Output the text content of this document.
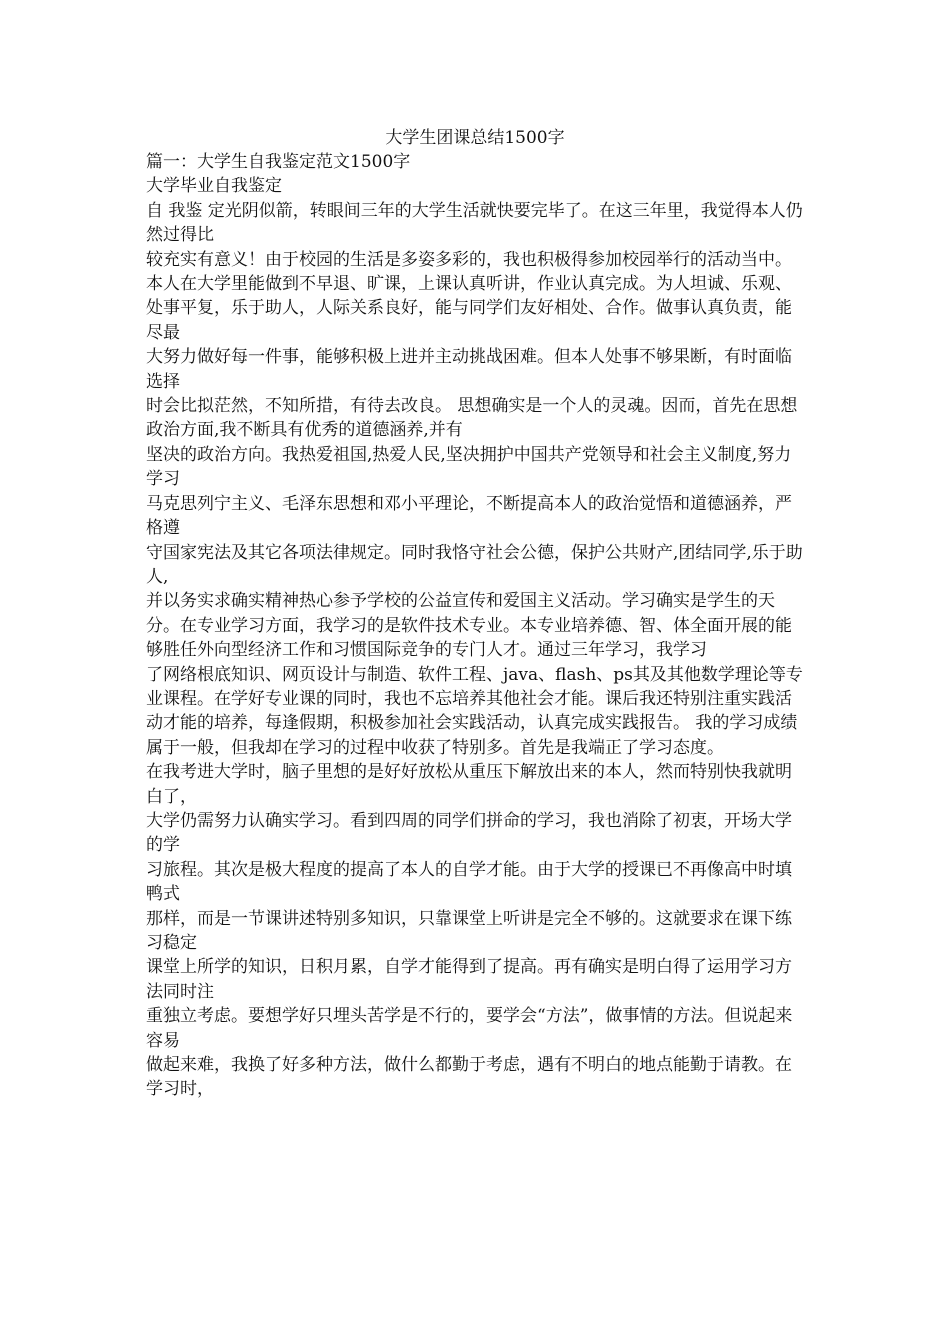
大学生团课总结1500字

篇一：大学生自我鉴定范文1500字

大学毕业自我鉴定

自 我鉴 定光阴似箭，转眼间三年的大学生活就快要完毕了。在这三年里，我觉得本人仍然过得比

较充实有意义！由于校园的生活是多姿多彩的，我也积极得参加校园举行的活动当中。 本人在大学里能做到不早退、旷课，上课认真听讲，作业认真完成。为人坦诚、乐观、

处事平复，乐于助人，人际关系良好，能与同学们友好相处、合作。做事认真负责，能尽最

大努力做好每一件事，能够积极上进并主动挑战困难。但本人处事不够果断，有时面临选择

时会比拟茫然，不知所措，有待去改良。 思想确实是一个人的灵魂。因而，首先在思想政治方面,我不断具有优秀的道德涵养,并有

坚决的政治方向。我热爱祖国,热爱人民,坚决拥护中国共产党领导和社会主义制度,努力学习

马克思列宁主义、毛泽东思想和邓小平理论，不断提高本人的政治觉悟和道德涵养，严格遵

守国家宪法及其它各项法律规定。同时我恪守社会公德，保护公共财产,团结同学,乐于助人,

并以务实求确实精神热心参予学校的公益宣传和爱国主义活动。学习确实是学生的天分。在专业学习方面，我学习的是软件技术专业。本专业培养德、智、体全面开展的能够胜任外向型经济工作和习惯国际竞争的专门人才。通过三年学习，我学习

了网络根底知识、网页设计与制造、软件工程、java、flash、ps其及其他数学理论等专业课程。在学好专业课的同时，我也不忘培养其他社会才能。课后我还特别注重实践活

动才能的培养，每逢假期，积极参加社会实践活动，认真完成实践报告。 我的学习成绩属于一般，但我却在学习的过程中收获了特别多。首先是我端正了学习态度。

在我考进大学时，脑子里想的是好好放松从重压下解放出来的本人，然而特别快我就明白了，

大学仍需努力认确实学习。看到四周的同学们拼命的学习，我也消除了初衷，开场大学的学

习旅程。其次是极大程度的提高了本人的自学才能。由于大学的授课已不再像高中时填鸭式

那样，而是一节课讲述特别多知识，只靠课堂上听讲是完全不够的。这就要求在课下练习稳定

课堂上所学的知识，日积月累，自学才能得到了提高。再有确实是明白得了运用学习方法同时注

重独立考虑。要想学好只埋头苦学是不行的，要学会“方法”，做事情的方法。但说起来容易

做起来难，我换了好多种方法，做什么都勤于考虑，遇有不明白的地点能勤于请教。在学习时，
